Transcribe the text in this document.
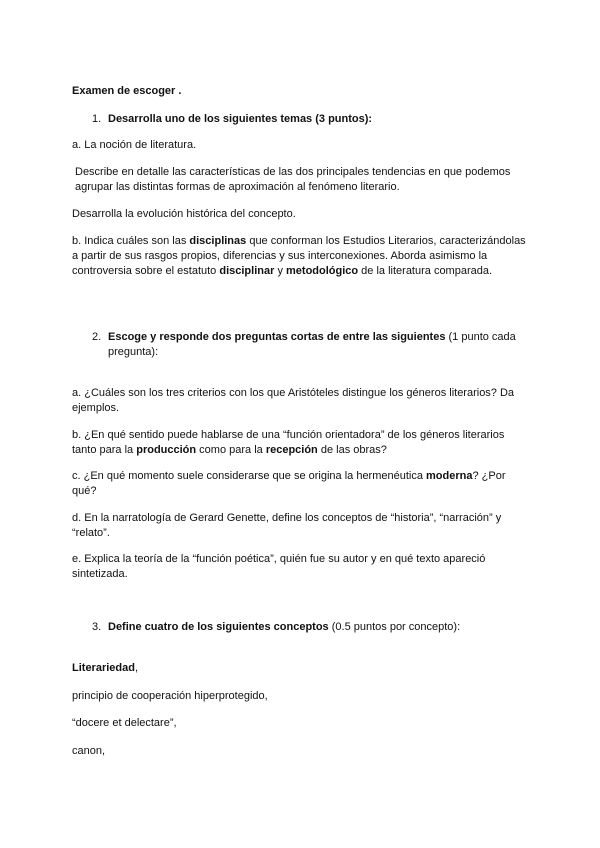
Examen de escoger .
1. Desarrolla uno de los siguientes temas (3 puntos):
a. La noción de literatura.
Describe en detalle las características de las dos principales tendencias en que podemos agrupar las distintas formas de aproximación al fenómeno literario.
Desarrolla la evolución histórica del concepto.
b. Indica cuáles son las disciplinas que conforman los Estudios Literarios, caracterizándolas a partir de sus rasgos propios, diferencias y sus interconexiones. Aborda asimismo la controversia sobre el estatuto disciplinar y metodológico de la literatura comparada.
2. Escoge y responde dos preguntas cortas de entre las siguientes (1 punto cada pregunta):
a. ¿Cuáles son los tres criterios con los que Aristóteles distingue los géneros literarios? Da ejemplos.
b. ¿En qué sentido puede hablarse de una “función orientadora” de los géneros literarios tanto para la producción como para la recepción de las obras?
c. ¿En qué momento suele considerarse que se origina la hermenéutica moderna? ¿Por qué?
d. En la narratología de Gerard Genette, define los conceptos de “historia”, “narración” y “relato”.
e. Explica la teoría de la “función poética”, quién fue su autor y en qué texto apareció sintetizada.
3. Define cuatro de los siguientes conceptos (0.5 puntos por concepto):
Literariedad,
principio de cooperación hiperprotegido,
“docere et delectare”,
canon,
